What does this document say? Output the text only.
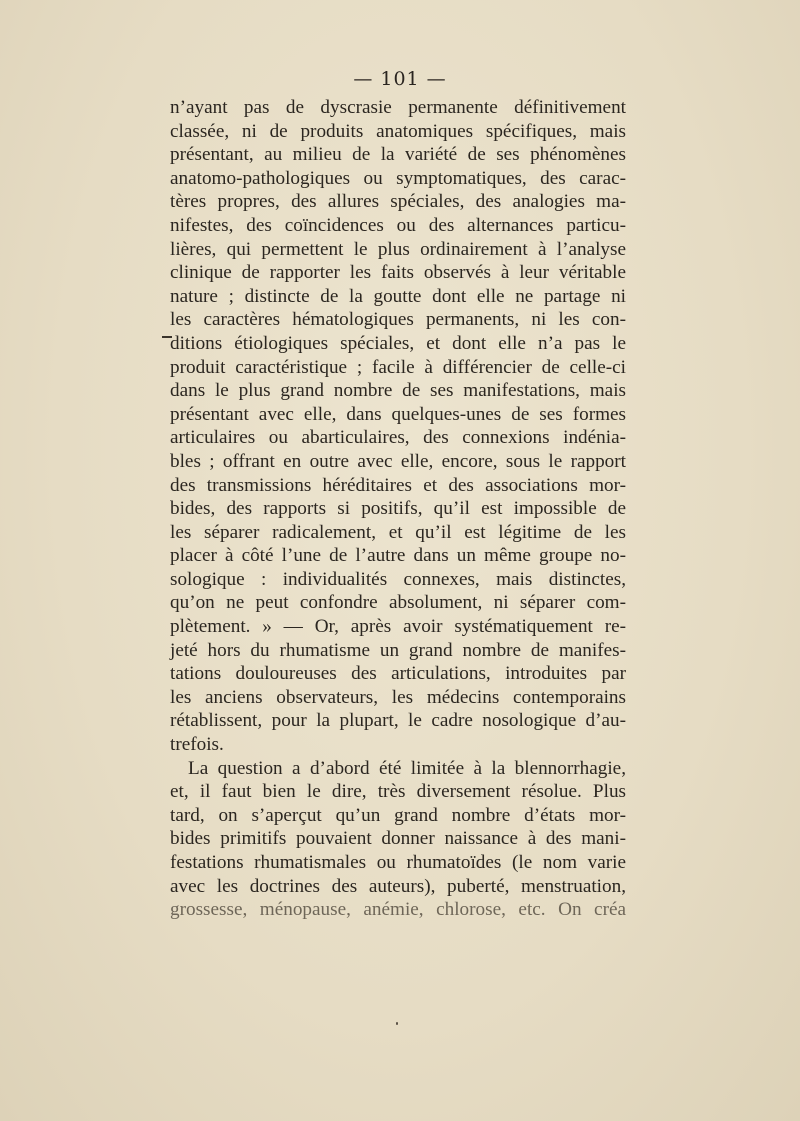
— 101 —
n’ayant pas de dyscrasie permanente définitivement
classée, ni de produits anatomiques spécifiques, mais
présentant, au milieu de la variété de ses phénomènes
anatomo-pathologiques ou symptomatiques, des carac-
tères propres, des allures spéciales, des analogies ma-
nifestes, des coïncidences ou des alternances particu-
lières, qui permettent le plus ordinairement à l’analyse
clinique de rapporter les faits observés à leur véritable
nature ; distincte de la goutte dont elle ne partage ni
les caractères hématologiques permanents, ni les con-
ditions étiologiques spéciales, et dont elle n’a pas le
produit caractéristique ; facile à différencier de celle-ci
dans le plus grand nombre de ses manifestations, mais
présentant avec elle, dans quelques-unes de ses formes
articulaires ou abarticulaires, des connexions indénia-
bles ; offrant en outre avec elle, encore, sous le rapport
des transmissions héréditaires et des associations mor-
bides, des rapports si positifs, qu’il est impossible de
les séparer radicalement, et qu’il est légitime de les
placer à côté l’une de l’autre dans un même groupe no-
sologique : individualités connexes, mais distinctes,
qu’on ne peut confondre absolument, ni séparer com-
plètement. » — Or, après avoir systématiquement re-
jeté hors du rhumatisme un grand nombre de manifes-
tations douloureuses des articulations, introduites par
les anciens observateurs, les médecins contemporains
rétablissent, pour la plupart, le cadre nosologique d’au-
trefois.
La question a d’abord été limitée à la blennorrhagie,
et, il faut bien le dire, très diversement résolue. Plus
tard, on s’aperçut qu’un grand nombre d’états mor-
bides primitifs pouvaient donner naissance à des mani-
festations rhumatismales ou rhumatoïdes (le nom varie
avec les doctrines des auteurs), puberté, menstruation,
grossesse, ménopause, anémie, chlorose, etc. On créa
